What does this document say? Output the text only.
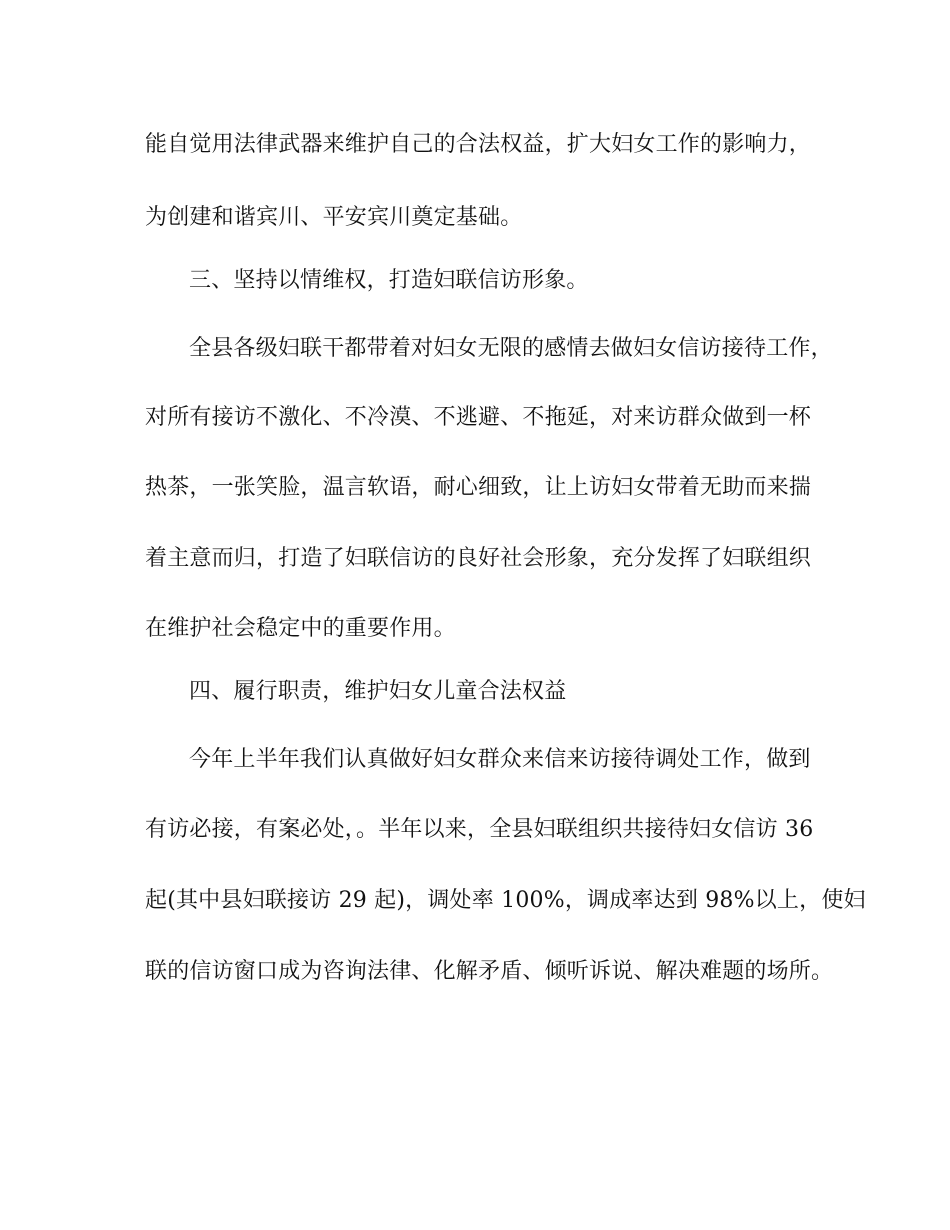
能自觉用法律武器来维护自己的合法权益，扩大妇女工作的影响力，
为创建和谐宾川、平安宾川奠定基础。
三、坚持以情维权，打造妇联信访形象。
全县各级妇联干都带着对妇女无限的感情去做妇女信访接待工作，
对所有接访不激化、不冷漠、不逃避、不拖延，对来访群众做到一杯
热茶，一张笑脸，温言软语，耐心细致，让上访妇女带着无助而来揣
着主意而归，打造了妇联信访的良好社会形象，充分发挥了妇联组织
在维护社会稳定中的重要作用。
四、履行职责，维护妇女儿童合法权益
今年上半年我们认真做好妇女群众来信来访接待调处工作，做到
有访必接，有案必处，。半年以来，全县妇联组织共接待妇女信访 36
起(其中县妇联接访 29 起)，调处率 100%，调成率达到 98%以上，使妇
联的信访窗口成为咨询法律、化解矛盾、倾听诉说、解决难题的场所。
